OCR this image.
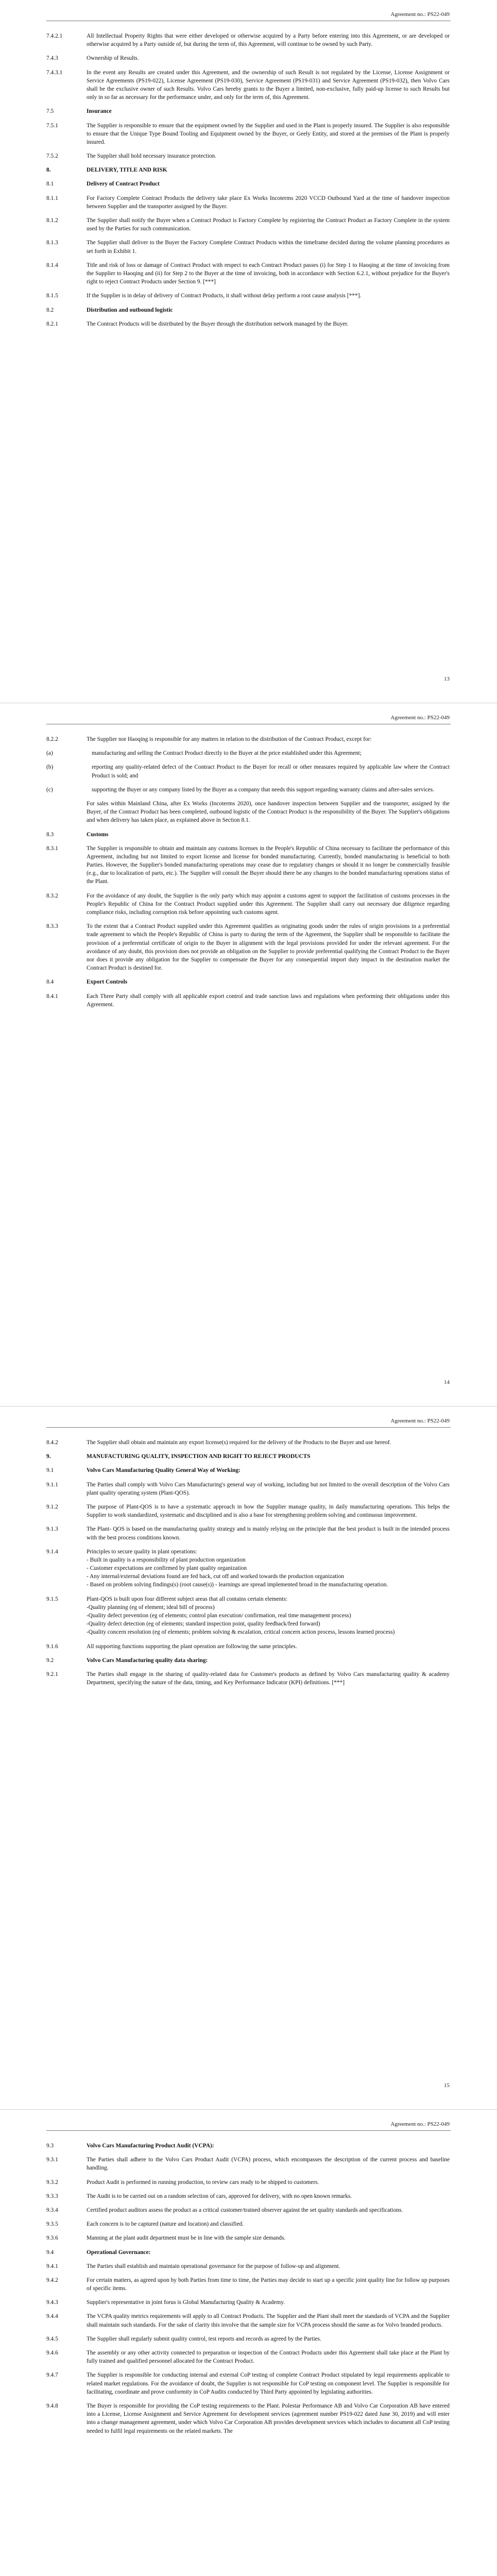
Agreement no.: PS22-049
7.4.2.1	All Intellectual Property Rights that were either developed or otherwise acquired by a Party before entering into this Agreement, or are developed or otherwise acquired by a Party outside of, but during the term of, this Agreement, will continue to be owned by such Party.
7.4.3	Ownership of Results.
7.4.3.1	In the event any Results are created under this Agreement, and the ownership of such Result is not regulated by the License, License Assignment or Service Agreements (PS19-022), License Agreement (PS19-030), Service Agreement (PS19-031) and Service Agreement (PS19-032), then Volvo Cars shall be the exclusive owner of such Results. Volvo Cars hereby grants to the Buyer a limited, non-exclusive, fully paid-up license to such Results but only in so far as necessary for the performance under, and only for the term of, this Agreement.
7.5	Insurance
7.5.1	The Supplier is responsible to ensure that the equipment owned by the Supplier and used in the Plant is properly insured. The Supplier is also responsible to ensure that the Unique Type Bound Tooling and Equipment owned by the Buyer, or Geely Entity, and stored at the premises of the Plant is properly insured.
7.5.2	The Supplier shall hold necessary insurance protection.
8.	DELIVERY, TITLE AND RISK
8.1	Delivery of Contract Product
8.1.1	For Factory Complete Contract Products the delivery take place Ex Works Incoterms 2020 VCCD Outbound Yard at the time of handover inspection between Supplier and the transporter assigned by the Buyer.
8.1.2	The Supplier shall notify the Buyer when a Contract Product is Factory Complete by registering the Contract Product as Factory Complete in the system used by the Parties for such communication.
8.1.3	The Supplier shall deliver to the Buyer the Factory Complete Contract Products within the timeframe decided during the volume planning procedures as set forth in Exhibit 1.
8.1.4	Title and risk of loss or damage of Contract Product with respect to each Contract Product passes (i) for Step 1 to Haoqing at the time of invoicing from the Supplier to Haoqing and (ii) for Step 2 to the Buyer at the time of invoicing, both in accordance with Section 6.2.1, without prejudice for the Buyer's right to reject Contract Products under Section 9. [***]
8.1.5	If the Supplier is in delay of delivery of Contract Products, it shall without delay perform a root cause analysis [***].
8.2	Distribution and outbound logistic
8.2.1	The Contract Products will be distributed by the Buyer through the distribution network managed by the Buyer.
13
Agreement no.: PS22-049
8.2.2	The Supplier nor Haoqing is responsible for any matters in relation to the distribution of the Contract Product, except for:
(a)	manufacturing and selling the Contract Product directly to the Buyer at the price established under this Agreement;
(b)	reporting any quality-related defect of the Contract Product to the Buyer for recall or other measures required by applicable law where the Contract Product is sold; and
(c)	supporting the Buyer or any company listed by the Buyer as a company that needs this support regarding warranty claims and after-sales services.
For sales within Mainland China, after Ex Works (Incoterms 2020), once handover inspection between Supplier and the transporter, assigned by the Buyer, of the Contract Product has been completed, outbound logistic of the Contract Product is the responsibility of the Buyer. The Supplier's obligations and when delivery has taken place, as explained above in Section 8.1.
8.3	Customs
8.3.1	The Supplier is responsible to obtain and maintain any customs licenses in the People's Republic of China necessary to facilitate the performance of this Agreement, including but not limited to export license and license for bonded manufacturing. Currently, bonded manufacturing is beneficial to both Parties. However, the Supplier's bonded manufacturing operations may cease due to regulatory changes or should it no longer be commercially feasible (e.g., due to localization of parts, etc.). The Supplier will consult the Buyer should there be any changes to the bonded manufacturing operations status of the Plant.
8.3.2	For the avoidance of any doubt, the Supplier is the only party which may appoint a customs agent to support the facilitation of customs processes in the People's Republic of China for the Contract Product supplied under this Agreement. The Supplier shall carry out necessary due diligence regarding compliance risks, including corruption risk before appointing such customs agent.
8.3.3	To the extent that a Contract Product supplied under this Agreement qualifies as originating goods under the rules of origin provisions in a preferential trade agreement to which the People's Republic of China is party to during the term of the Agreement, the Supplier shall be responsible to facilitate the provision of a preferential certificate of origin to the Buyer in alignment with the legal provisions provided for under the relevant agreement. For the avoidance of any doubt, this provision does not provide an obligation on the Supplier to provide preferential qualifying the Contract Product to the Buyer nor does it provide any obligation for the Supplier to compensate the Buyer for any consequential import duty impact in the destination market the Contract Product is destined for.
8.4	Export Controls
8.4.1	Each Three Party shall comply with all applicable export control and trade sanction laws and regulations when performing their obligations under this Agreement.
14
Agreement no.: PS22-049
8.4.2	The Supplier shall obtain and maintain any export license(s) required for the delivery of the Products to the Buyer and use hereof.
9.	MANUFACTURING QUALITY, INSPECTION AND RIGHT TO REJECT PRODUCTS
9.1	Volvo Cars Manufacturing Quality General Way of Working:
9.1.1	The Parties shall comply with Volvo Cars Manufacturing's general way of working, including but not limited to the overall description of the Volvo Cars plant quality operating system (Plant-QOS).
9.1.2	The purpose of Plant-QOS is to have a systematic approach in how the Supplier manage quality, in daily manufacturing operations. This helps the Supplier to work standardized, systematic and disciplined and is also a base for strengthening problem solving and continuous improvement.
9.1.3	The Plant- QOS is based on the manufacturing quality strategy and is mainly relying on the principle that the best product is built in the intended process with the best process conditions known.
9.1.4	Principles to secure quality in plant operations:
- Built in quality is a responsibility of plant production organization
- Customer expectations are confirmed by plant quality organization
- Any internal/external deviations found are fed back, cut off and worked towards the production organization
- Based on problem solving findings(s) (root cause(s)) - learnings are spread implemented broad in the manufacturing operation.
9.1.5	Plant-QOS is built upon four different subject areas that all contains certain elements:
-Quality planning (eg of element; ideal bill of process)
-Quality defect prevention (eg of elements; control plan execution/ confirmation, real time management process)
-Quality defect detection (eg of elements; standard inspection point, quality feedback/feed forward)
-Quality concern resolution (eg of elements; problem solving & escalation, critical concern action process, lessons learned process)
9.1.6	All supporting functions supporting the plant operation are following the same principles.
9.2	Volvo Cars Manufacturing quality data sharing:
9.2.1	The Parties shall engage in the sharing of quality-related data for Customer's products as defined by Volvo Cars manufacturing quality & academy Department, specifying the nature of the data, timing, and Key Performance Indicator (KPI) definitions. [***]
15
Agreement no.: PS22-049
9.3	Volvo Cars Manufacturing Product Audit (VCPA):
9.3.1	The Parties shall adhere to the Volvo Cars Product Audit (VCPA) process, which encompasses the description of the current process and baseline handling.
9.3.2	Product Audit is performed in running production, to review cars ready to be shipped to customers.
9.3.3	The Audit is to be carried out on a random selection of cars, approved for delivery, with no open known remarks.
9.3.4	Certified product auditors assess the product as a critical customer/trained observer against the set quality standards and specifications.
9.3.5	Each concern is to be captured (nature and location) and classified.
9.3.6	Manning at the plant audit department must be in line with the sample size demands.
9.4	Operational Governance:
9.4.1	The Parties shall establish and maintain operational governance for the purpose of follow-up and alignment.
9.4.2	For certain matters, as agreed upon by both Parties from time to time, the Parties may decide to start up a specific joint quality line for follow up purposes of specific items.
9.4.3	Supplier's representative in joint forus is Global Manufacturing Quality & Academy.
9.4.4	The VCPA quality metrics requirements will apply to all Contract Products. The Supplier and the Plant shall meet the standards of VCPA and the Supplier shall maintain such standards. For the sake of clarity this involve that the sample size for VCPA process should the same as for Volvo branded products.
9.4.5	The Supplier shall regularly submit quality control, test reports and records as agreed by the Parties.
9.4.6	The assembly or any other activity connected to preparation or inspection of the Contract Products under this Agreement shall take place at the Plant by fully trained and qualified personnel allocated for the Contract Product.
9.4.7	The Supplier is responsible for conducting internal and external CoP testing of complete Contract Product stipulated by legal requirements applicable to related market regulations. For the avoidance of doubt, the Supplier is not responsible for CoP testing on component level. The Supplier is responsible for facilitating, coordinate and prove conformity in CoP Audits conducted by Third Party appointed by legislating authorities.
9.4.8	The Buyer is responsible for providing the CoP testing requirements to the Plant. Polestar Performance AB and Volvo Car Corporation AB have entered into a License, License Assignment and Service Agreement for development services (agreement number PS19-022 dated June 30, 2019) and will enter into a change management agreement, under which Volvo Car Corporation AB provides development services which includes to document all CoP testing needed to fulfil legal requirements on the related markets. The
